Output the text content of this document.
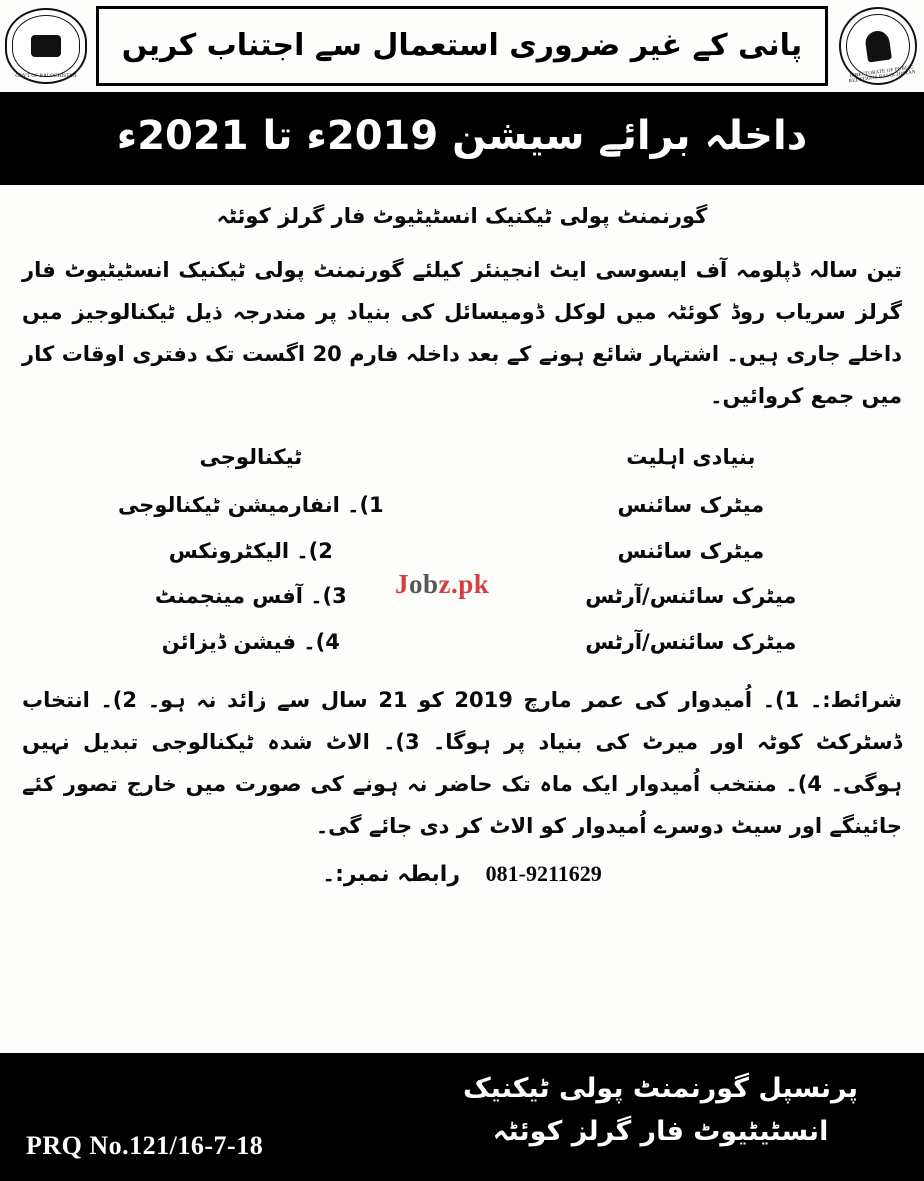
GOVT OF BALOCHISTAN
پانی کے غیر ضروری استعمال سے اجتناب کریں
DIRECTORATE OF PUBLIC RELATIONS BALOCHISTAN
داخلہ برائے سیشن 2019ء تا 2021ء
گورنمنٹ پولی ٹیکنیک انسٹیٹیوٹ فار گرلز کوئٹہ

تین سالہ ڈپلومہ آف ایسوسی ایٹ انجینئر کیلئے گورنمنٹ پولی ٹیکنیک انسٹیٹیوٹ فار گرلز سریاب روڈ کوئٹہ میں لوکل ڈومیسائل کی بنیاد پر مندرجہ ذیل ٹیکنالوجیز میں داخلے جاری ہیں۔ اشتہار شائع ہونے کے بعد داخلہ فارم 20 اگست تک دفتری اوقات کار میں جمع کروائیں۔

بنیادی اہلیت	ٹیکنالوجی
میٹرک سائنس	1)۔ انفارمیشن ٹیکنالوجی
میٹرک سائنس	2)۔ الیکٹرونکس
میٹرک سائنس/آرٹس	3)۔ آفس مینجمنٹ
میٹرک سائنس/آرٹس	4)۔ فیشن ڈیزائن

شرائط:۔ 1)۔ اُمیدوار کی عمر مارچ 2019 کو 21 سال سے زائد نہ ہو۔ 2)۔ انتخاب ڈسٹرکٹ کوٹہ اور میرٹ کی بنیاد پر ہوگا۔ 3)۔ الاٹ شدہ ٹیکنالوجی تبدیل نہیں ہوگی۔ 4)۔ منتخب اُمیدوار ایک ماہ تک حاضر نہ ہونے کی صورت میں خارج تصور کئے جائینگے اور سیٹ دوسرے اُمیدوار کو الاٹ کر دی جائے گی۔

081-9211629 رابطہ نمبر:۔
Jobz.pk
PRQ No.121/16-7-18
پرنسپل گورنمنٹ پولی ٹیکنیک
انسٹیٹیوٹ فار گرلز کوئٹہ
